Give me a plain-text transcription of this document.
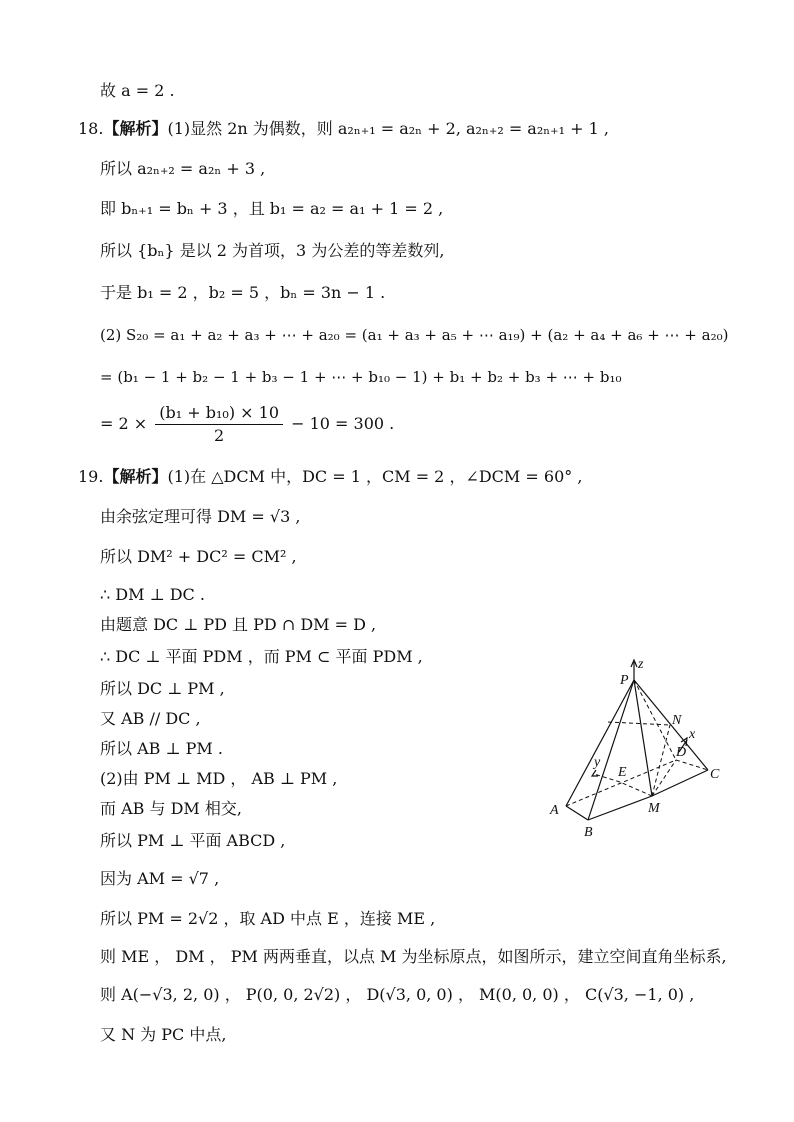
故 a = 2 .
18.【解析】(1)显然 2n 为偶数，则 a₂ₙ₊₁ = a₂ₙ + 2, a₂ₙ₊₂ = a₂ₙ₊₁ + 1 ,
所以 a₂ₙ₊₂ = a₂ₙ + 3 ,
即 bₙ₊₁ = bₙ + 3 ，且 b₁ = a₂ = a₁ + 1 = 2 ,
所以 {bₙ} 是以 2 为首项，3 为公差的等差数列,
于是 b₁ = 2 ，b₂ = 5 ，bₙ = 3n − 1 .
(2) S₂₀ = a₁ + a₂ + a₃ + ⋯ + a₂₀ = (a₁ + a₃ + a₅ + ⋯ a₁₉) + (a₂ + a₄ + a₆ + ⋯ + a₂₀)
= (b₁ − 1 + b₂ − 1 + b₃ − 1 + ⋯ + b₁₀ − 1) + b₁ + b₂ + b₃ + ⋯ + b₁₀
= $2 \times \frac{\text{(b₁ + b₁₀) × 10}}{2} - 10 = 300$ .
19.【解析】(1)在 △DCM 中，DC = 1 ，CM = 2 ，∠DCM = 60° ,
由余弦定理可得 DM = √3 ,
所以 DM² + DC² = CM² ,
∴ DM ⊥ DC .
由题意 DC ⊥ PD 且 PD ∩ DM = D ,
∴ DC ⊥ 平面 PDM ，而 PM ⊂ 平面 PDM ,
所以 DC ⊥ PM ,
又 AB // DC ,
所以 AB ⊥ PM .
(2)由 PM ⊥ MD ， AB ⊥ PM ,
而 AB 与 DM 相交,
所以 PM ⊥ 平面 ABCD ,
因为 AM = √7 ,
所以 PM = 2√2 ，取 AD 中点 E ，连接 ME ,
则 ME ， DM ， PM 两两垂直，以点 M 为坐标原点，如图所示，建立空间直角坐标系,
则 A(−√3, 2, 0) ， P(0, 0, 2√2) ， D(√3, 0, 0) ， M(0, 0, 0) ， C(√3, −1, 0) ,
又 N 为 PC 中点,
z
P
N
x
D
y
E	C
A	M
B
